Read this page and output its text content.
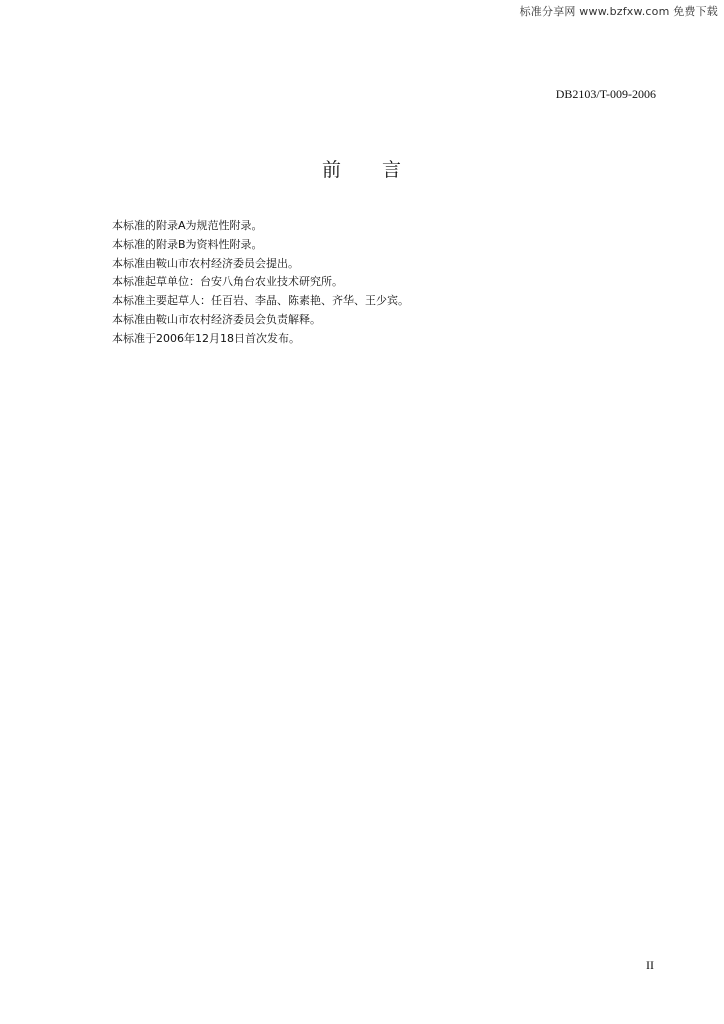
标准分享网 www.bzfxw.com 免费下载
DB2103/T-009-2006
前 言
本标准的附录A为规范性附录。
本标准的附录B为资料性附录。
本标准由鞍山市农村经济委员会提出。
本标准起草单位：台安八角台农业技术研究所。
本标准主要起草人：任百岩、李晶、陈素艳、齐华、王少宾。
本标准由鞍山市农村经济委员会负责解释。
本标准于2006年12月18日首次发布。
II
